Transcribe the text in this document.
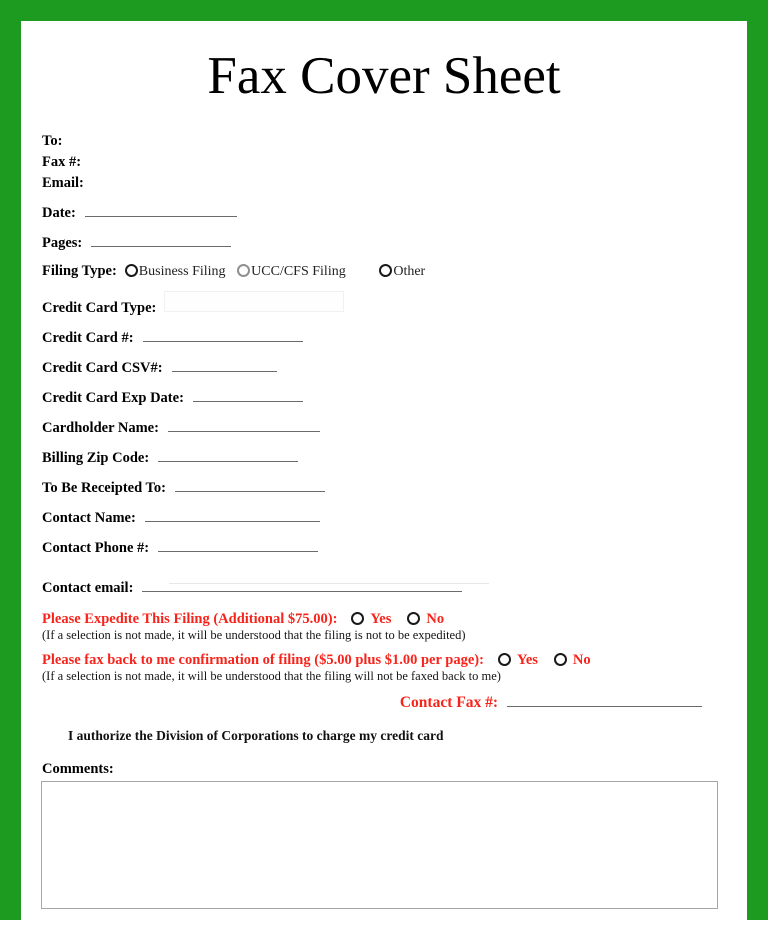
Fax Cover Sheet
To:
Fax #:
Email:
Date:
Pages:
Filing Type:	Business Filing UCC/CFS Filing	Other
Credit Card Type:
Credit Card #:
Credit Card CSV#:
Credit Card Exp Date:
Cardholder Name:
Billing Zip Code:
To Be Receipted To:
Contact Name:
Contact Phone #:
Contact email:
Please Expedite This Filing (Additional $75.00): Yes No
(If a selection is not made, it will be understood that the filing is not to be expedited)
Please fax back to me confirmation of filing ($5.00 plus $1.00 per page): Yes No
(If a selection is not made, it will be understood that the filing will not be faxed back to me)
Contact Fax #:
I authorize the Division of Corporations to charge my credit card
Comments:
